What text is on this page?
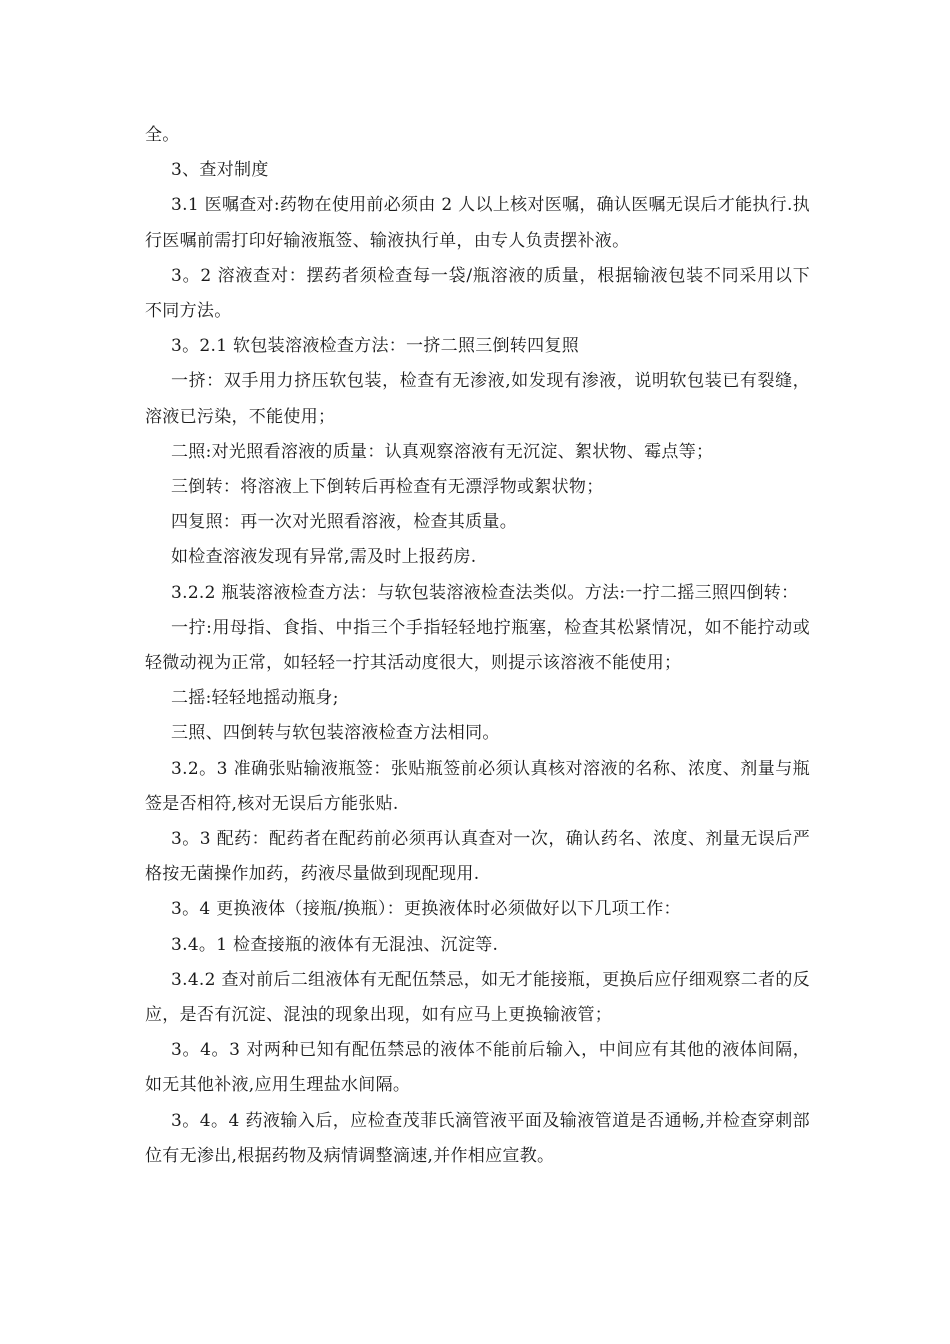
全。

3、查对制度

3.1 医嘱查对:药物在使用前必须由 2 人以上核对医嘱，确认医嘱无误后才能执行.执行医嘱前需打印好输液瓶签、输液执行单，由专人负责摆补液。

3。2 溶液查对：摆药者须检查每一袋/瓶溶液的质量，根据输液包装不同采用以下不同方法。

3。2.1 软包装溶液检查方法：一挤二照三倒转四复照

一挤：双手用力挤压软包装，检查有无渗液,如发现有渗液，说明软包装已有裂缝，溶液已污染，不能使用；

二照:对光照看溶液的质量：认真观察溶液有无沉淀、絮状物、霉点等；

三倒转：将溶液上下倒转后再检查有无漂浮物或絮状物；

四复照：再一次对光照看溶液，检查其质量。

如检查溶液发现有异常,需及时上报药房.

3.2.2 瓶装溶液检查方法：与软包装溶液检查法类似。方法:一拧二摇三照四倒转：

一拧:用母指、食指、中指三个手指轻轻地拧瓶塞，检查其松紧情况，如不能拧动或轻微动视为正常，如轻轻一拧其活动度很大，则提示该溶液不能使用；

二摇:轻轻地摇动瓶身;

三照、四倒转与软包装溶液检查方法相同。

3.2。3 准确张贴输液瓶签：张贴瓶签前必须认真核对溶液的名称、浓度、剂量与瓶签是否相符,核对无误后方能张贴.

3。3 配药：配药者在配药前必须再认真查对一次，确认药名、浓度、剂量无误后严格按无菌操作加药，药液尽量做到现配现用.

3。4 更换液体（接瓶/换瓶）：更换液体时必须做好以下几项工作：

3.4。1 检查接瓶的液体有无混浊、沉淀等.

3.4.2 查对前后二组液体有无配伍禁忌，如无才能接瓶，更换后应仔细观察二者的反应，是否有沉淀、混浊的现象出现，如有应马上更换输液管；

3。4。3 对两种已知有配伍禁忌的液体不能前后输入，中间应有其他的液体间隔，如无其他补液,应用生理盐水间隔。

3。4。4 药液输入后，应检查茂菲氏滴管液平面及输液管道是否通畅,并检查穿刺部位有无渗出,根据药物及病情调整滴速,并作相应宣教。
